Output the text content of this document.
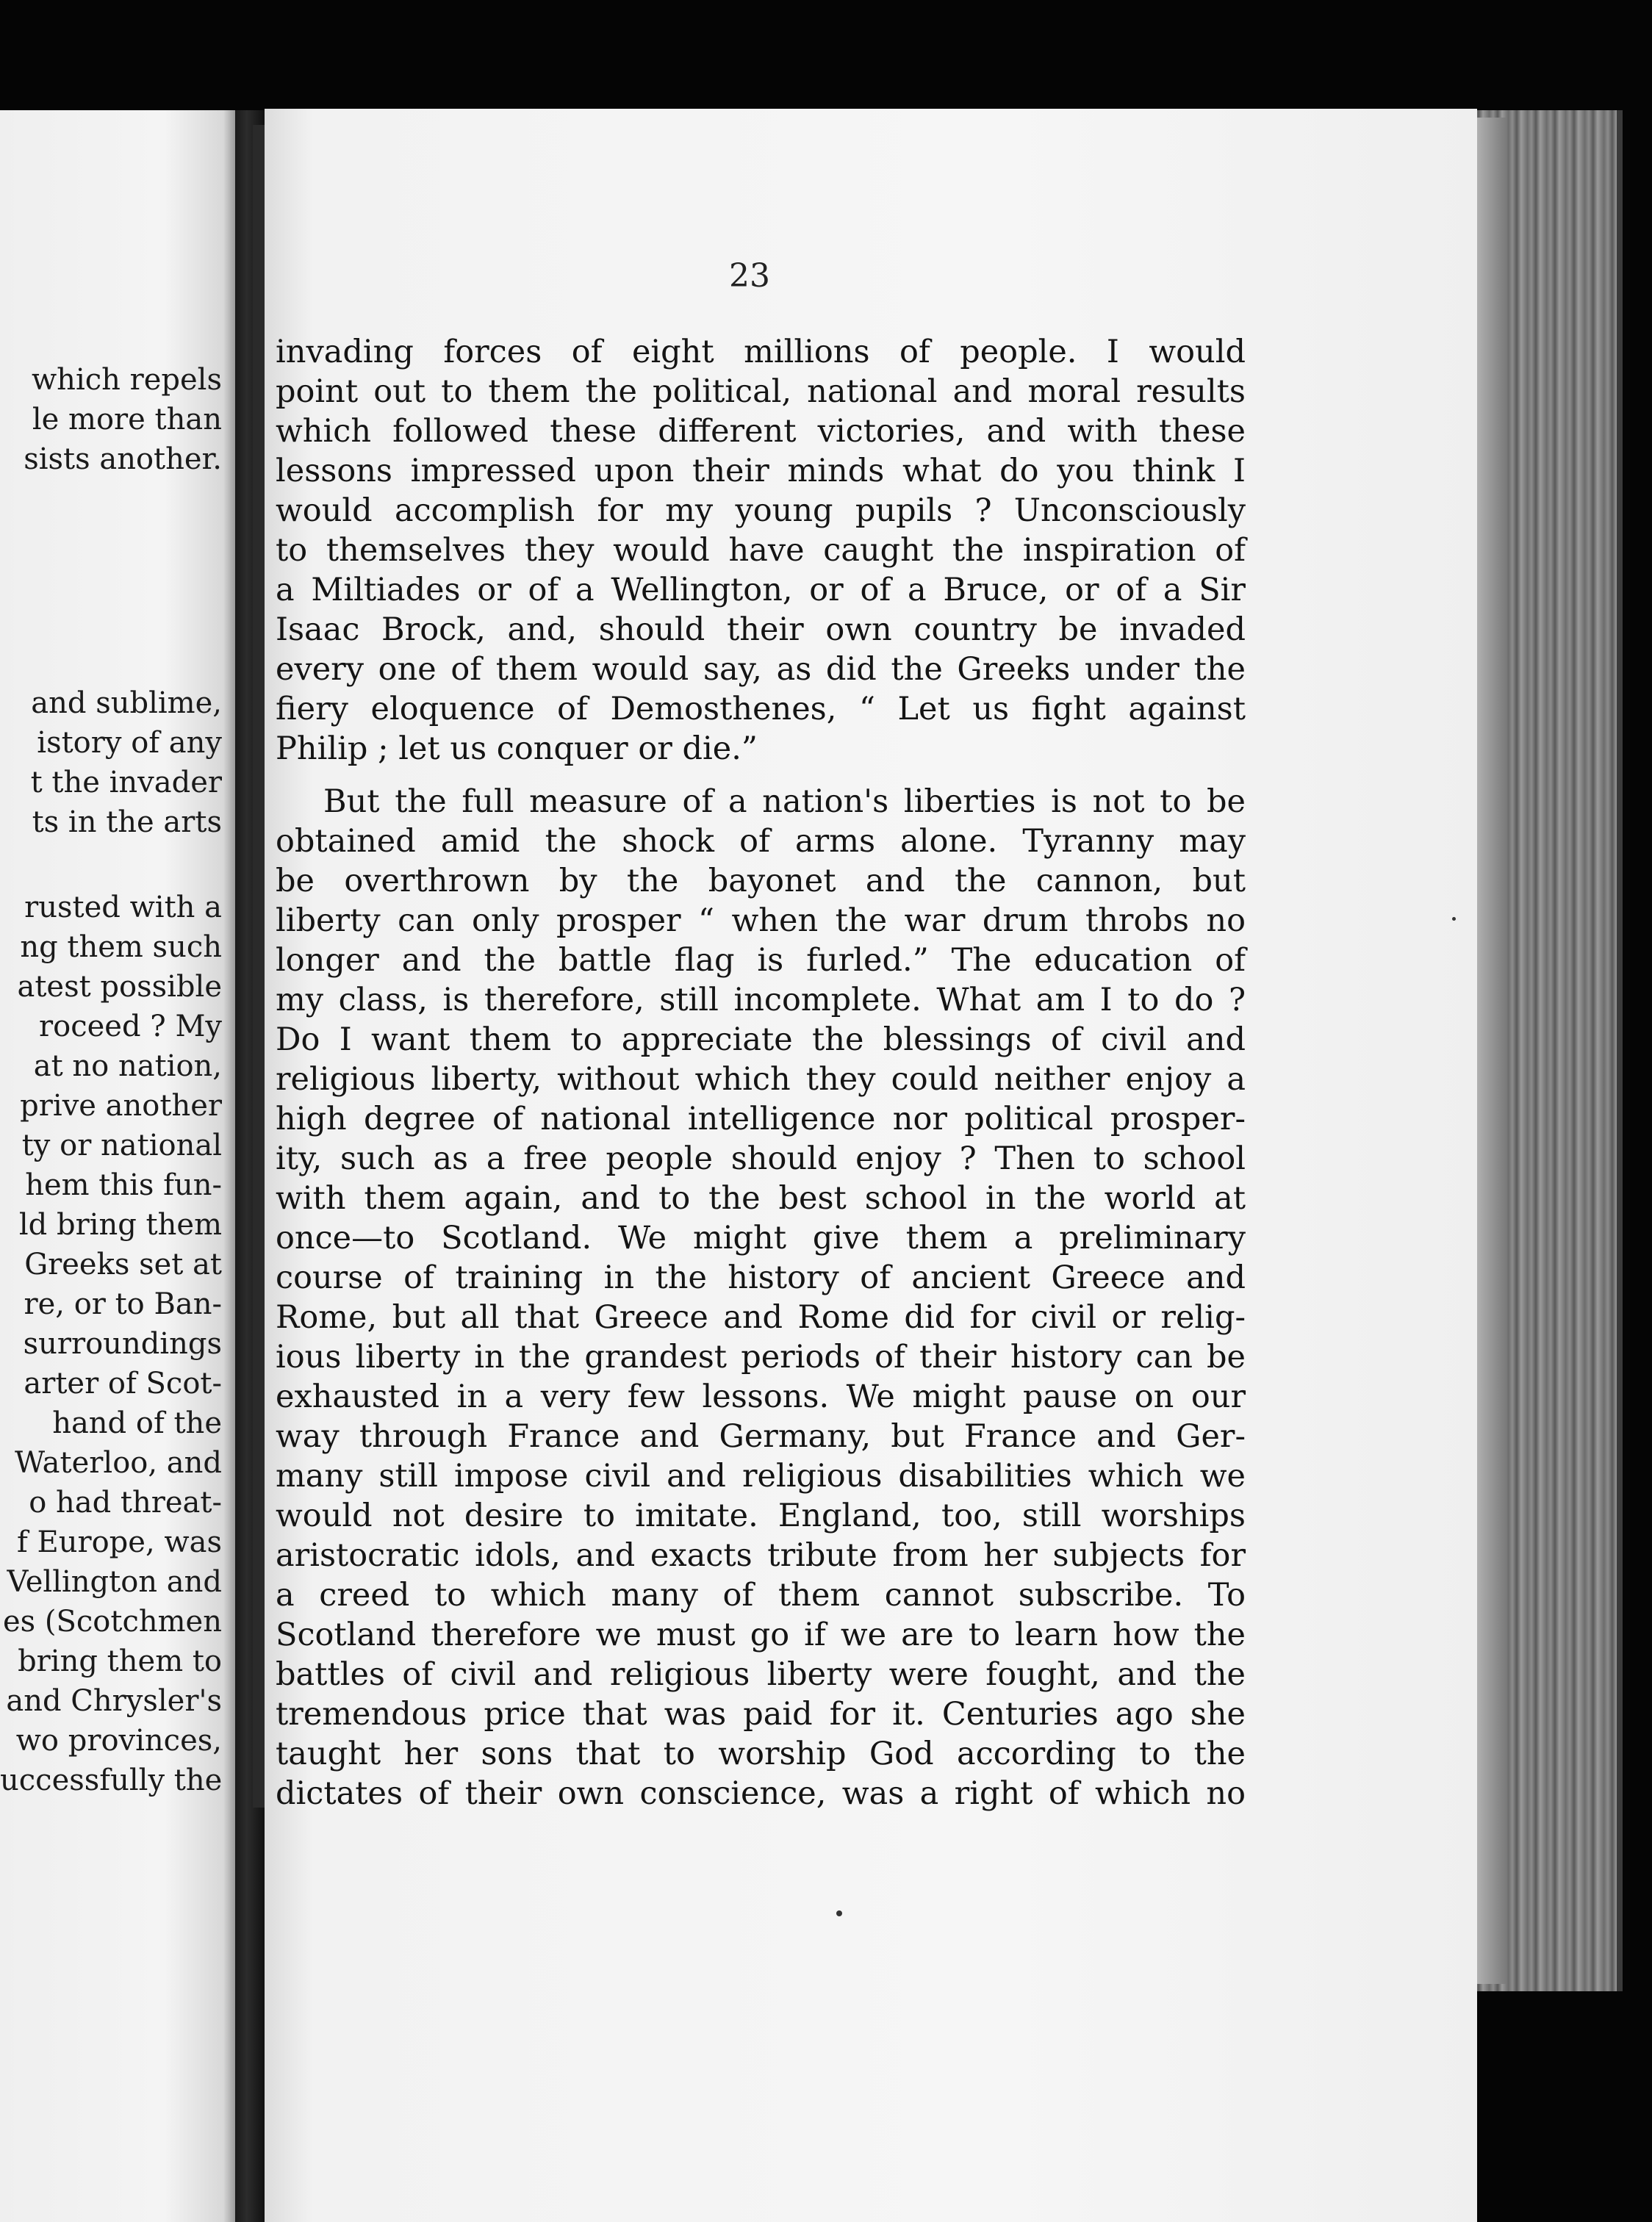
which repels
le more than
sists another.
and sublime,
istory of any
t the invader
ts in the arts
rusted with a
ng them such
atest possible
roceed ? My
at no nation,
prive another
ty or national
hem this fun-
ld bring them
Greeks set at
re, or to Ban-
surroundings
arter of Scot-
hand of the
Waterloo, and
o had threat-
f Europe, was
Vellington and
es (Scotchmen
bring them to
and Chrysler's
wo provinces,
uccessfully the
23
invading forces of eight millions of people. I would
point out to them the political, national and moral results
which followed these different victories, and with these
lessons impressed upon their minds what do you think I
would accomplish for my young pupils ? Unconsciously
to themselves they would have caught the inspiration of
a Miltiades or of a Wellington, or of a Bruce, or of a Sir
Isaac Brock, and, should their own country be invaded
every one of them would say, as did the Greeks under the
fiery eloquence of Demosthenes, “ Let us fight against
Philip ; let us conquer or die.”
But the full measure of a nation's liberties is not to be
obtained amid the shock of arms alone. Tyranny may
be overthrown by the bayonet and the cannon, but
liberty can only prosper “ when the war drum throbs no
longer and the battle flag is furled.” The education of
my class, is therefore, still incomplete. What am I to do ?
Do I want them to appreciate the blessings of civil and
religious liberty, without which they could neither enjoy a
high degree of national intelligence nor political prosper-
ity, such as a free people should enjoy ? Then to school
with them again, and to the best school in the world at
once—to Scotland. We might give them a preliminary
course of training in the history of ancient Greece and
Rome, but all that Greece and Rome did for civil or relig-
ious liberty in the grandest periods of their history can be
exhausted in a very few lessons. We might pause on our
way through France and Germany, but France and Ger-
many still impose civil and religious disabilities which we
would not desire to imitate. England, too, still worships
aristocratic idols, and exacts tribute from her subjects for
a creed to which many of them cannot subscribe. To
Scotland therefore we must go if we are to learn how the
battles of civil and religious liberty were fought, and the
tremendous price that was paid for it. Centuries ago she
taught her sons that to worship God according to the
dictates of their own conscience, was a right of which no
